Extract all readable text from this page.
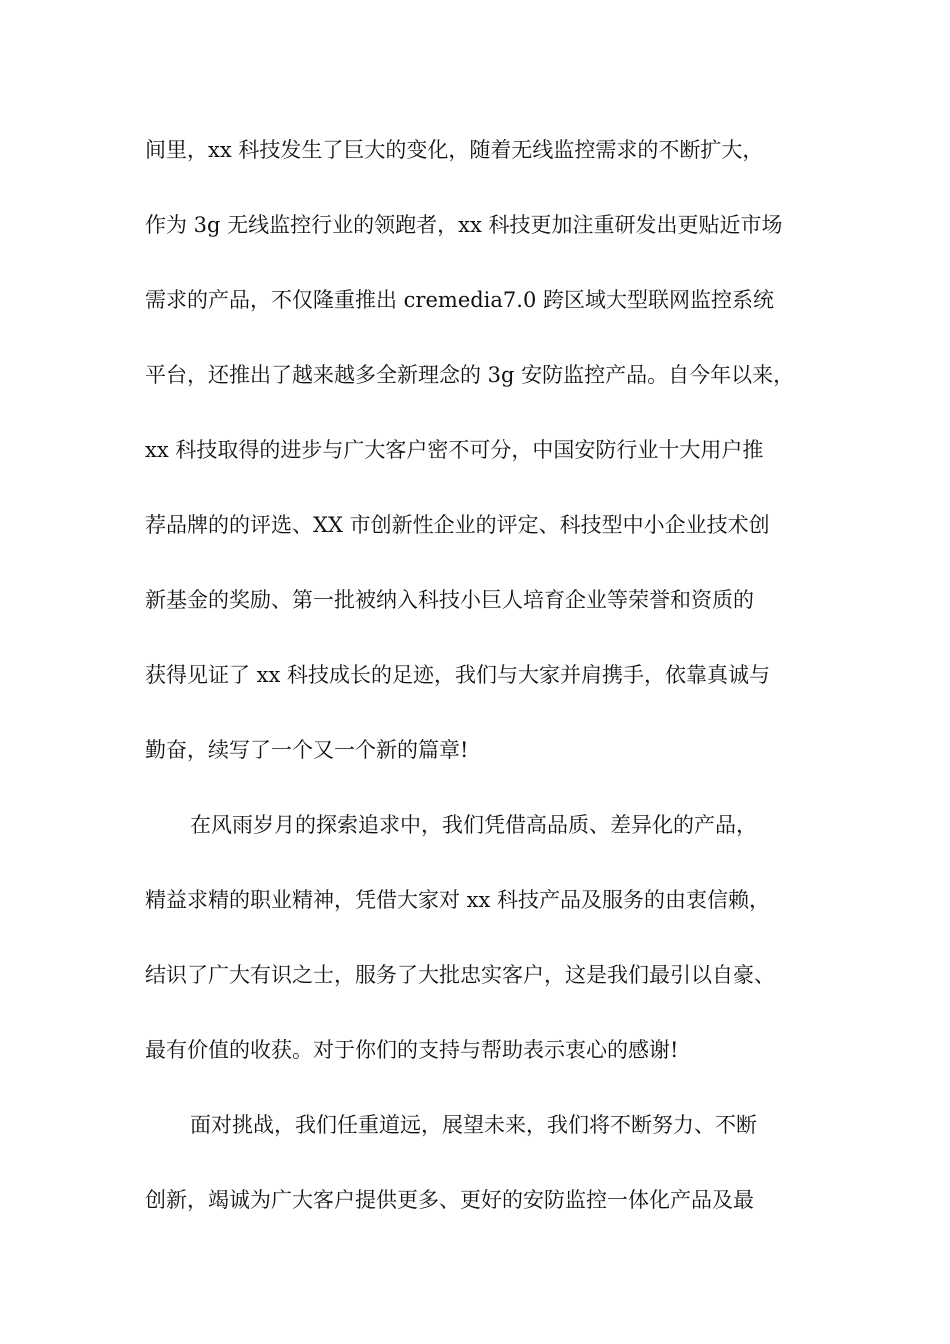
间里，xx 科技发生了巨大的变化，随着无线监控需求的不断扩大，
作为 3g 无线监控行业的领跑者，xx 科技更加注重研发出更贴近市场
需求的产品，不仅隆重推出 cremedia7.0 跨区域大型联网监控系统
平台，还推出了越来越多全新理念的 3g 安防监控产品。自今年以来，
xx 科技取得的进步与广大客户密不可分，中国安防行业十大用户推
荐品牌的的评选、XX 市创新性企业的评定、科技型中小企业技术创
新基金的奖励、第一批被纳入科技小巨人培育企业等荣誉和资质的
获得见证了 xx 科技成长的足迹，我们与大家并肩携手，依靠真诚与
勤奋，续写了一个又一个新的篇章!
在风雨岁月的探索追求中，我们凭借高品质、差异化的产品，
精益求精的职业精神，凭借大家对 xx 科技产品及服务的由衷信赖，
结识了广大有识之士，服务了大批忠实客户，这是我们最引以自豪、
最有价值的收获。对于你们的支持与帮助表示衷心的感谢!
面对挑战，我们任重道远，展望未来，我们将不断努力、不断
创新，竭诚为广大客户提供更多、更好的安防监控一体化产品及最
